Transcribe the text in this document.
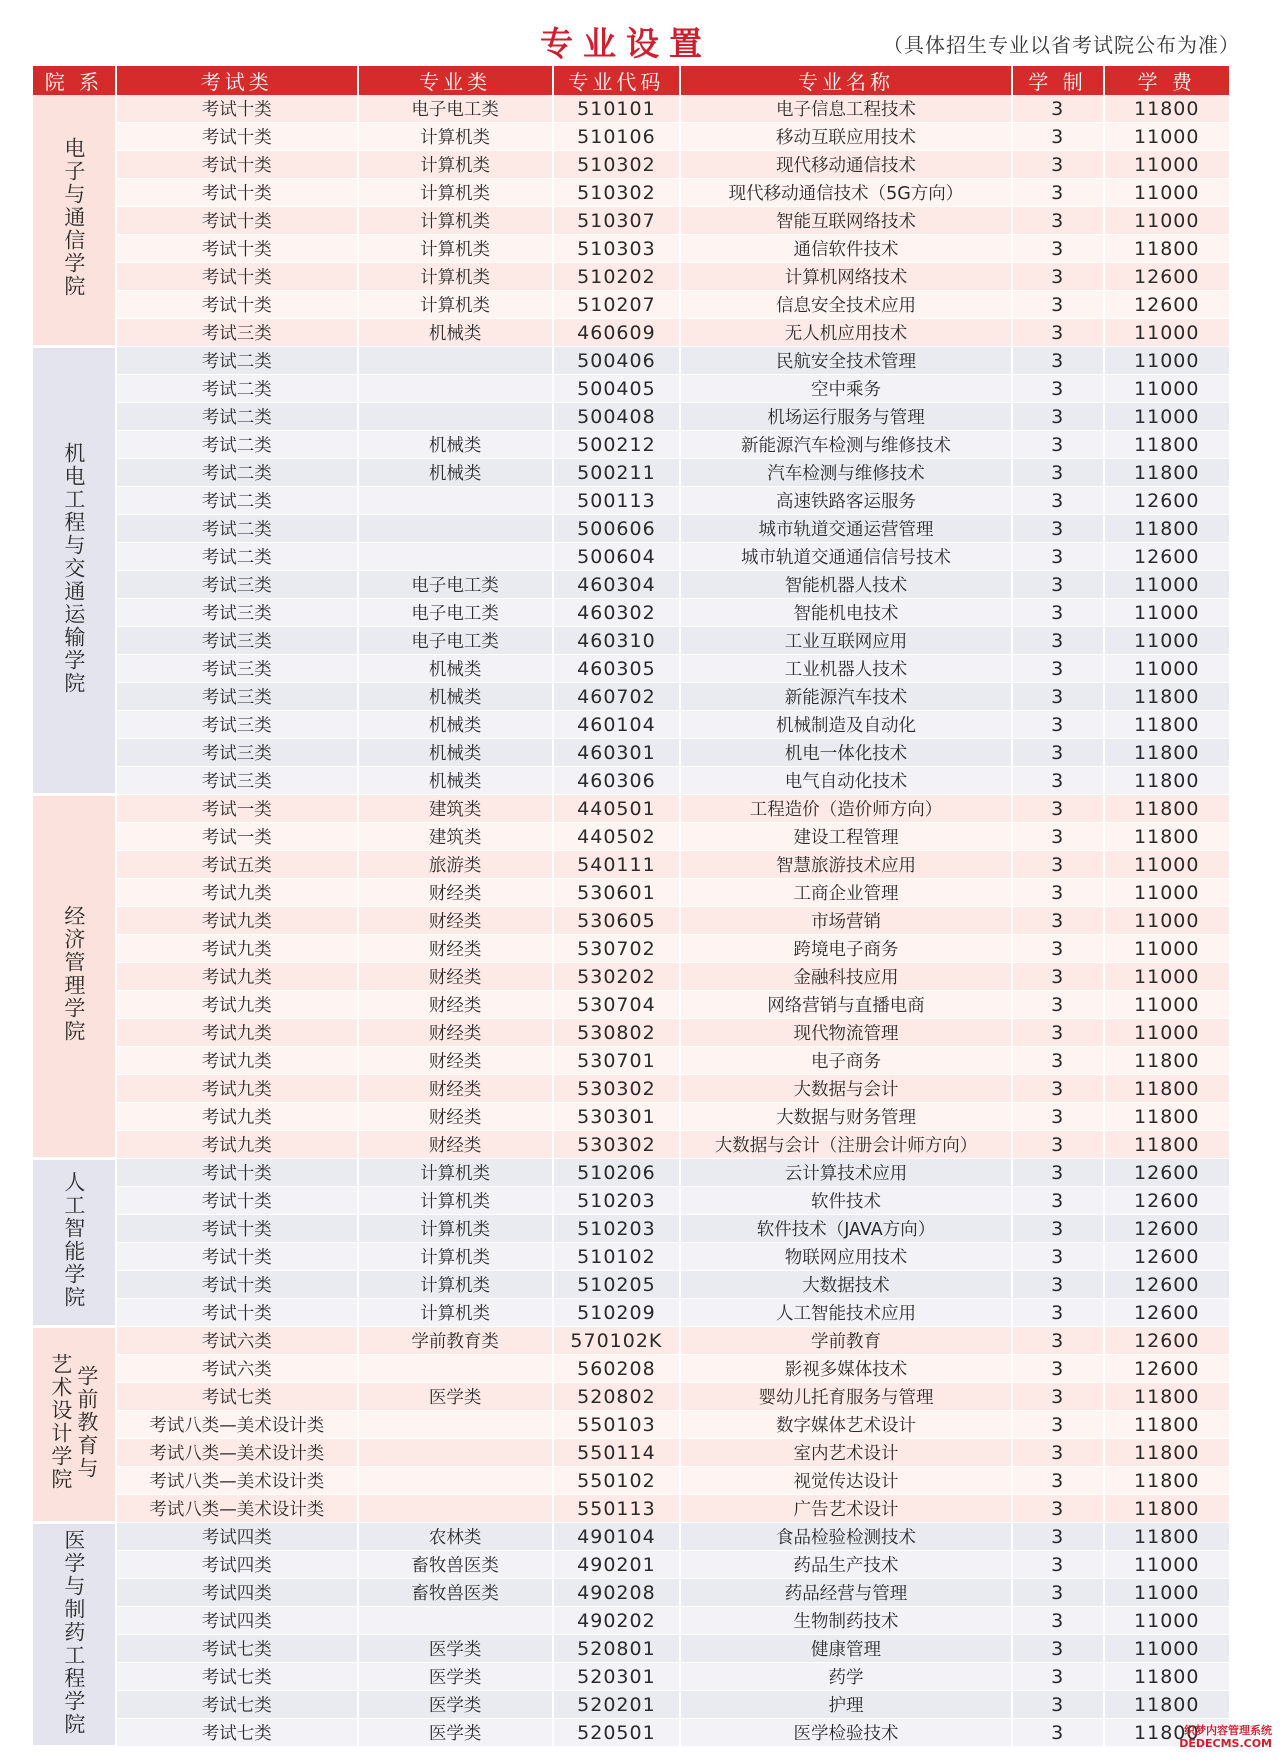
专业设置	（具体招生专业以省考试院公布为准）
院 系	考试类	专业类	专业代码	专业名称	学 制	学 费
电子与通信学院	考试十类	电子电工类	510101	电子信息工程技术	3	11800
	考试十类	计算机类	510106	移动互联应用技术	3	11000
	考试十类	计算机类	510302	现代移动通信技术	3	11000
	考试十类	计算机类	510302	现代移动通信技术（5G方向）	3	11000
	考试十类	计算机类	510307	智能互联网络技术	3	11000
	考试十类	计算机类	510303	通信软件技术	3	11800
	考试十类	计算机类	510202	计算机网络技术	3	12600
	考试十类	计算机类	510207	信息安全技术应用	3	12600
	考试三类	机械类	460609	无人机应用技术	3	11000
机电工程与交通运输学院	考试二类		500406	民航安全技术管理	3	11000
	考试二类		500405	空中乘务	3	11000
	考试二类		500408	机场运行服务与管理	3	11000
	考试二类	机械类	500212	新能源汽车检测与维修技术	3	11800
	考试二类	机械类	500211	汽车检测与维修技术	3	11800
	考试二类		500113	高速铁路客运服务	3	12600
	考试二类		500606	城市轨道交通运营管理	3	11800
	考试二类		500604	城市轨道交通通信信号技术	3	12600
	考试三类	电子电工类	460304	智能机器人技术	3	11000
	考试三类	电子电工类	460302	智能机电技术	3	11000
	考试三类	电子电工类	460310	工业互联网应用	3	11000
	考试三类	机械类	460305	工业机器人技术	3	11000
	考试三类	机械类	460702	新能源汽车技术	3	11800
	考试三类	机械类	460104	机械制造及自动化	3	11800
	考试三类	机械类	460301	机电一体化技术	3	11800
	考试三类	机械类	460306	电气自动化技术	3	11800
经济管理学院	考试一类	建筑类	440501	工程造价（造价师方向）	3	11800
	考试一类	建筑类	440502	建设工程管理	3	11800
	考试五类	旅游类	540111	智慧旅游技术应用	3	11000
	考试九类	财经类	530601	工商企业管理	3	11000
	考试九类	财经类	530605	市场营销	3	11000
	考试九类	财经类	530702	跨境电子商务	3	11000
	考试九类	财经类	530202	金融科技应用	3	11000
	考试九类	财经类	530704	网络营销与直播电商	3	11000
	考试九类	财经类	530802	现代物流管理	3	11000
	考试九类	财经类	530701	电子商务	3	11800
	考试九类	财经类	530302	大数据与会计	3	11800
	考试九类	财经类	530301	大数据与财务管理	3	11800
	考试九类	财经类	530302	大数据与会计（注册会计师方向）	3	11800
人工智能学院	考试十类	计算机类	510206	云计算技术应用	3	12600
	考试十类	计算机类	510203	软件技术	3	12600
	考试十类	计算机类	510203	软件技术（JAVA方向）	3	12600
	考试十类	计算机类	510102	物联网应用技术	3	12600
	考试十类	计算机类	510205	大数据技术	3	12600
	考试十类	计算机类	510209	人工智能技术应用	3	12600

学前教育与
艺术设计学院	考试六类	学前教育类	570102K	学前教育	3	12600
	考试六类		560208	影视多媒体技术	3	12600
	考试七类	医学类	520802	婴幼儿托育服务与管理	3	11800
	考试八类—美术设计类		550103	数字媒体艺术设计	3	11800
	考试八类—美术设计类		550114	室内艺术设计	3	11800
	考试八类—美术设计类		550102	视觉传达设计	3	11800
	考试八类—美术设计类		550113	广告艺术设计	3	11800
医学与制药工程学院	考试四类	农林类	490104	食品检验检测技术	3	11800
	考试四类	畜牧兽医类	490201	药品生产技术	3	11000
	考试四类	畜牧兽医类	490208	药品经营与管理	3	11000
	考试四类		490202	生物制药技术	3	11000
	考试七类	医学类	520801	健康管理	3	11000
	考试七类	医学类	520301	药学	3	11800
	考试七类	医学类	520201	护理	3	11800
	考试七类	医学类	520501	医学检验技术	3	11800
织梦内容管理系统
DEDECMS.COM
